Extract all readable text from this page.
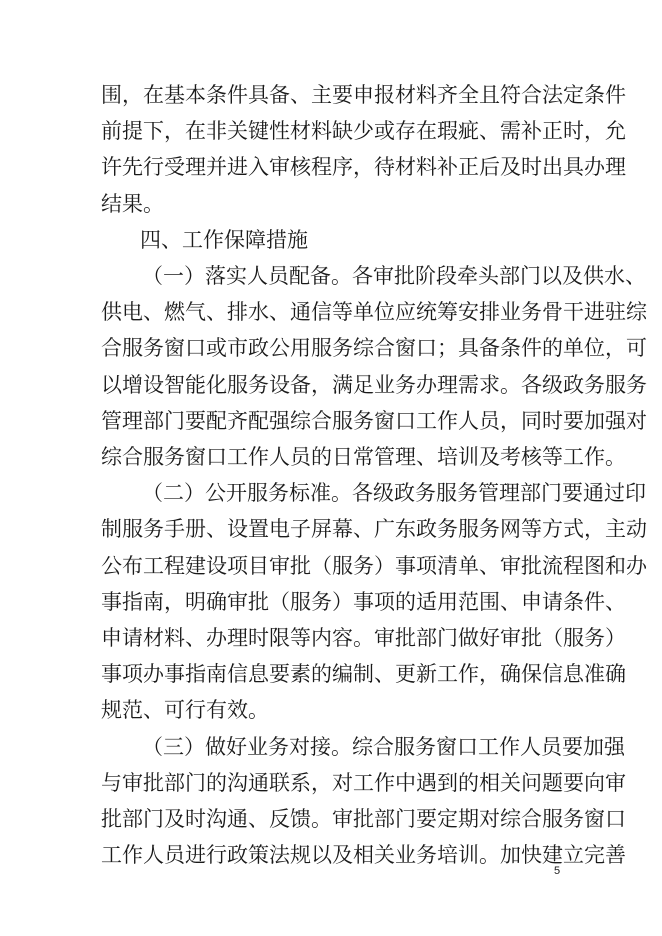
5
围，在基本条件具备、主要申报材料齐全且符合法定条件
前提下，在非关键性材料缺少或存在瑕疵、需补正时，允
许先行受理并进入审核程序，待材料补正后及时出具办理
结果。
四、工作保障措施
（一）落实人员配备。各审批阶段牵头部门以及供水、
供电、燃气、排水、通信等单位应统筹安排业务骨干进驻综
合服务窗口或市政公用服务综合窗口；具备条件的单位，可
以增设智能化服务设备，满足业务办理需求。各级政务服务
管理部门要配齐配强综合服务窗口工作人员，同时要加强对
综合服务窗口工作人员的日常管理、培训及考核等工作。
（二）公开服务标准。各级政务服务管理部门要通过印
制服务手册、设置电子屏幕、广东政务服务网等方式，主动
公布工程建设项目审批（服务）事项清单、审批流程图和办
事指南，明确审批（服务）事项的适用范围、申请条件、
申请材料、办理时限等内容。审批部门做好审批（服务）
事项办事指南信息要素的编制、更新工作，确保信息准确
规范、可行有效。
（三）做好业务对接。综合服务窗口工作人员要加强
与审批部门的沟通联系，对工作中遇到的相关问题要向审
批部门及时沟通、反馈。审批部门要定期对综合服务窗口
工作人员进行政策法规以及相关业务培训。加快建立完善
